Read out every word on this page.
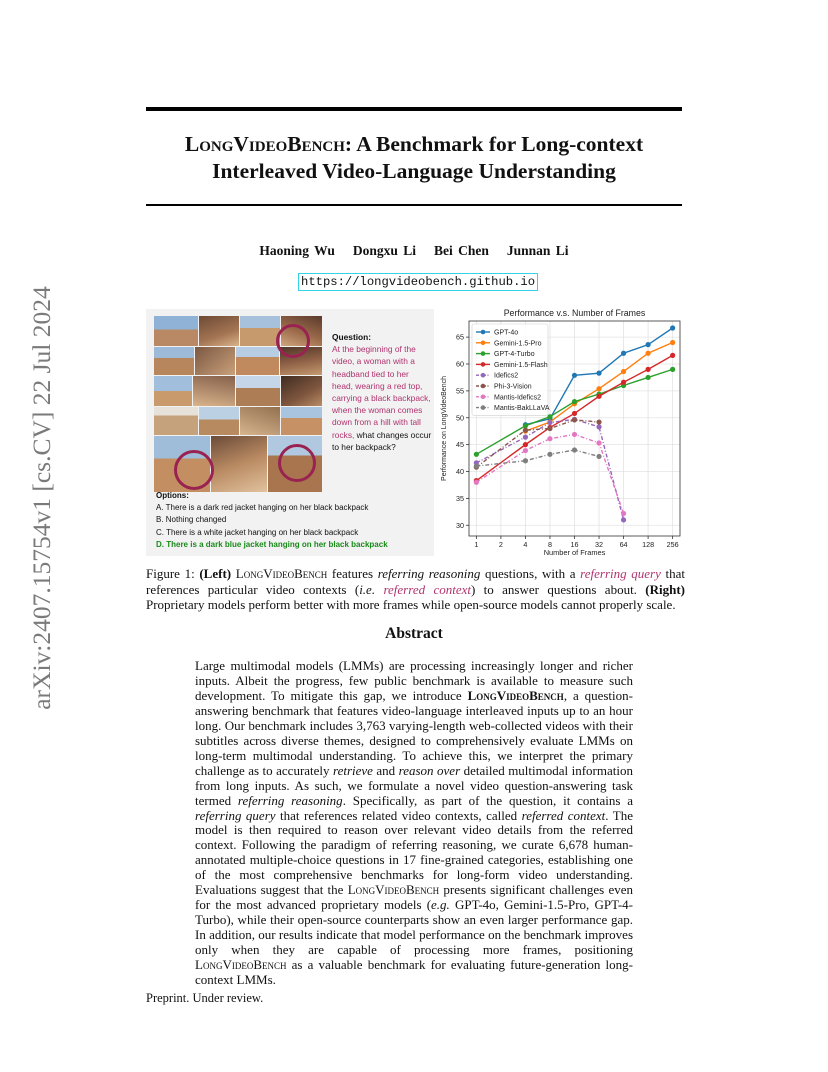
arXiv:2407.15754v1 [cs.CV] 22 Jul 2024
LongVideoBench: A Benchmark for Long-context
Interleaved Video-Language Understanding
Haoning Wu Dongxu Li Bei Chen Junnan Li
https://longvideobench.github.io
Question:
At the beginning of the video, a woman with a headband tied to her head, wearing a red top, carrying a black backpack, when the woman comes down from a hill with tall rocks, what changes occur to her backpack?
Options:
A. There is a dark red jacket hanging on her black backpack
B. Nothing changed
C. There is a white jacket hanging on her black backpack
D. There is a dark blue jacket hanging on her black backpack
Performance v.s. Number of Frames
Number of Frames
Performance on LongVideoBench
30
35
40
45
50
55
60
65
1	2	4	8	16 32 64 128 256
GPT-4o
Gemini-1.5-Pro
GPT-4-Turbo
Gemini-1.5-Flash
Idefics2
Phi-3-Vision
Mantis-Idefics2
Mantis-BakLLaVA
Figure 1: (Left) LongVideoBench features referring reasoning questions, with a referring query that references particular video contexts (i.e. referred context) to answer questions about. (Right) Proprietary models perform better with more frames while open-source models cannot properly scale.
Abstract
Large multimodal models (LMMs) are processing increasingly longer and richer inputs. Albeit the progress, few public benchmark is available to measure such development. To mitigate this gap, we introduce LongVideoBench, a question-answering benchmark that features video-language interleaved inputs up to an hour long. Our benchmark includes 3,763 varying-length web-collected videos with their subtitles across diverse themes, designed to comprehensively evaluate LMMs on long-term multimodal understanding. To achieve this, we interpret the primary challenge as to accurately retrieve and reason over detailed multimodal information from long inputs. As such, we formulate a novel video question-answering task termed referring reasoning. Specifically, as part of the question, it contains a referring query that references related video contexts, called referred context. The model is then required to reason over relevant video details from the referred context. Following the paradigm of referring reasoning, we curate 6,678 human-annotated multiple-choice questions in 17 fine-grained categories, establishing one of the most comprehensive benchmarks for long-form video understanding. Evaluations suggest that the LongVideoBench presents significant challenges even for the most advanced proprietary models (e.g. GPT-4o, Gemini-1.5-Pro, GPT-4-Turbo), while their open-source counterparts show an even larger performance gap. In addition, our results indicate that model performance on the benchmark improves only when they are capable of processing more frames, positioning LongVideoBench as a valuable benchmark for evaluating future-generation long-context LMMs.
Preprint. Under review.
